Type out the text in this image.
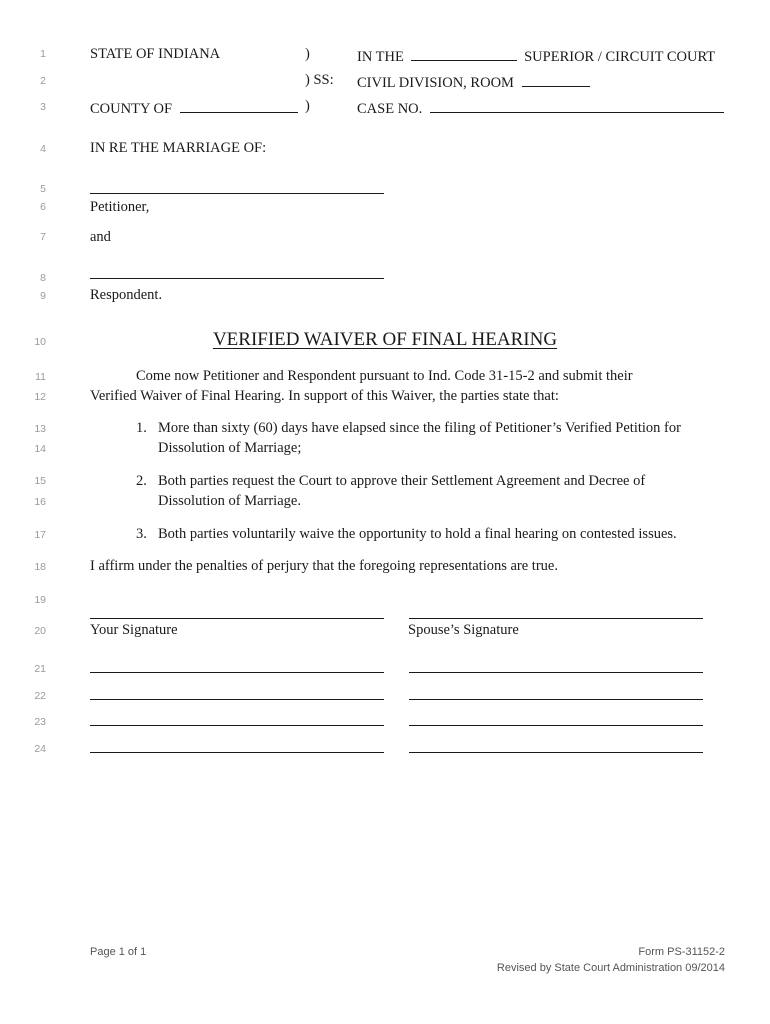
1
2
3
4
5
6
7
8
9
10
11
12
13
14
15
16
17
18
19
20
21
22
23
24
STATE OF INDIANA	)
) SS:
COUNTY OF	)
IN THE	SUPERIOR / CIRCUIT COURT
CIVIL DIVISION, ROOM
CASE NO.
IN RE THE MARRIAGE OF:
Petitioner,
and
Respondent.
VERIFIED WAIVER OF FINAL HEARING
Come now Petitioner and Respondent pursuant to Ind. Code 31-15-2 and submit their
Verified Waiver of Final Hearing. In support of this Waiver, the parties state that:
1. More than sixty (60) days have elapsed since the filing of Petitioner’s Verified Petition for
Dissolution of Marriage;
2. Both parties request the Court to approve their Settlement Agreement and Decree of
Dissolution of Marriage.
3. Both parties voluntarily waive the opportunity to hold a final hearing on contested issues.
I affirm under the penalties of perjury that the foregoing representations are true.
Your Signature	Spouse’s Signature
Page 1 of 1	Form PS-31152-2
Revised by State Court Administration 09/2014
